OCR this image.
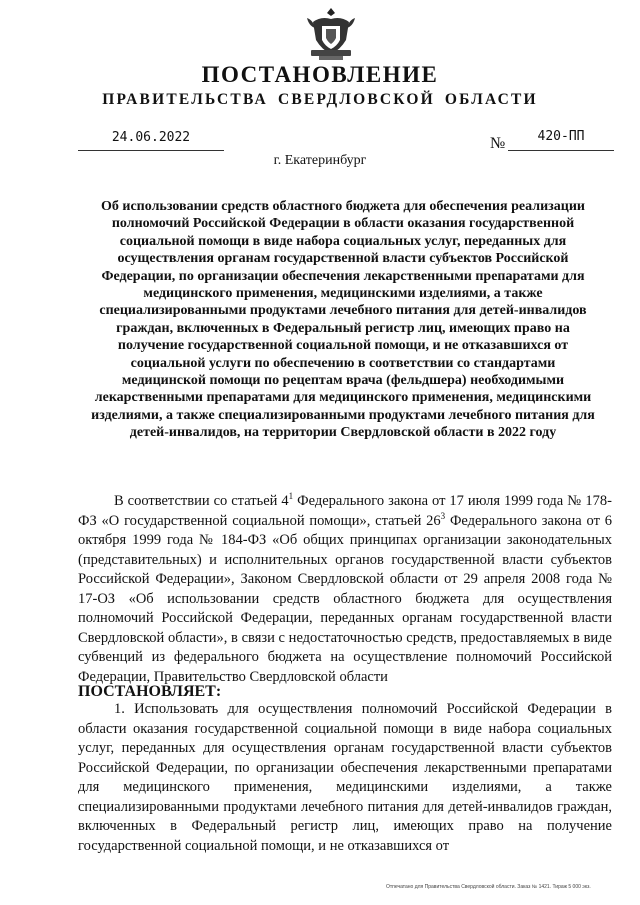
ПОСТАНОВЛЕНИЕ
ПРАВИТЕЛЬСТВА СВЕРДЛОВСКОЙ ОБЛАСТИ
24.06.2022	№	420-ПП
г. Екатеринбург
Об использовании средств областного бюджета для обеспечения реализации полномочий Российской Федерации в области оказания государственной социальной помощи в виде набора социальных услуг, переданных для осуществления органам государственной власти субъектов Российской Федерации, по организации обеспечения лекарственными препаратами для медицинского применения, медицинскими изделиями, а также специализированными продуктами лечебного питания для детей-инвалидов граждан, включенных в Федеральный регистр лиц, имеющих право на получение государственной социальной помощи, и не отказавшихся от социальной услуги по обеспечению в соответствии со стандартами медицинской помощи по рецептам врача (фельдшера) необходимыми лекарственными препаратами для медицинского применения, медицинскими изделиями, а также специализированными продуктами лечебного питания для детей-инвалидов, на территории Свердловской области в 2022 году
В соответствии со статьей $4^1$ Федерального закона от 17 июля 1999 года № 178-ФЗ «О государственной социальной помощи», статьей $26^3$ Федерального закона от 6 октября 1999 года № 184-ФЗ «Об общих принципах организации законодательных (представительных) и исполнительных органов государственной власти субъектов Российской Федерации», Законом Свердловской области от 29 апреля 2008 года № 17-ОЗ «Об использовании средств областного бюджета для осуществления полномочий Российской Федерации, переданных органам государственной власти Свердловской области», в связи с недостаточностью средств, предоставляемых в виде субвенций из федерального бюджета на осуществление полномочий Российской Федерации, Правительство Свердловской области
ПОСТАНОВЛЯЕТ:
1. Использовать для осуществления полномочий Российской Федерации в области оказания государственной социальной помощи в виде набора социальных услуг, переданных для осуществления органам государственной власти субъектов Российской Федерации, по организации обеспечения лекарственными препаратами для медицинского применения, медицинскими изделиями, а также специализированными продуктами лечебного питания для детей-инвалидов граждан, включенных в Федеральный регистр лиц, имеющих право на получение государственной социальной помощи, и не отказавшихся от
Отпечатано для Правительства Свердловской области. Заказ № 1421. Тираж 5 000 экз.
